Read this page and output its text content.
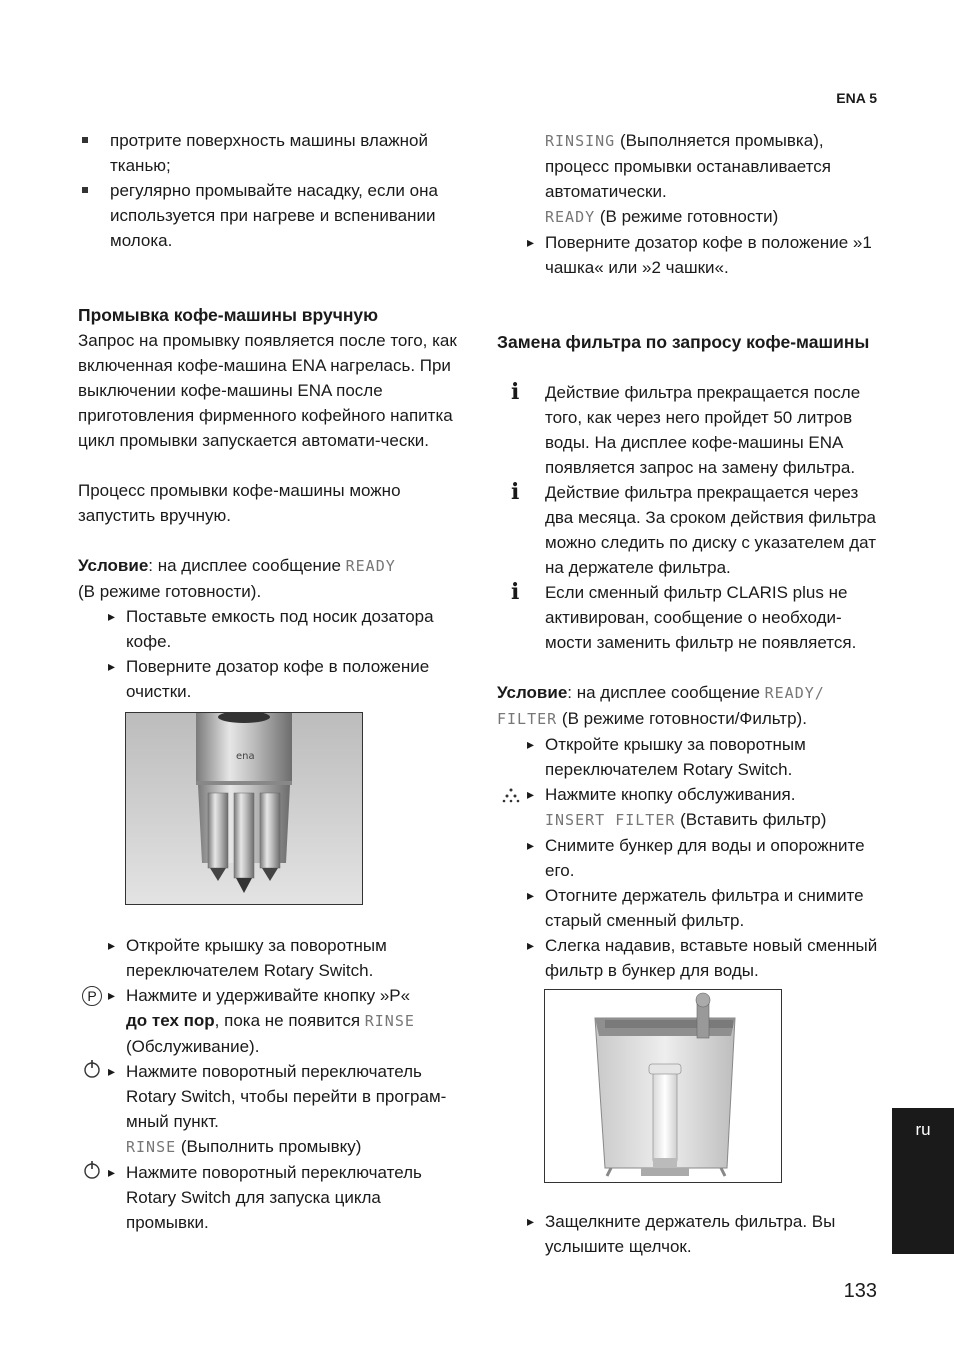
ENA 5

протрите поверхность машины влажной тканью;

регулярно промывайте насадку, если она используется при нагреве и вспенивании молока.

Промывка кофе-машины вручную

Запрос на промывку появляется после того, как включенная кофе-машина ENA нагрелась. При выключении кофе-машины ENA после приготовления фирменного кофейного напитка цикл промывки запускается автомати-чески.

Процесс промывки кофе-машины можно запустить вручную.

Условие: на дисплее сообщение READY

(В режиме готовности).

▸ Поставьте емкость под носик дозатора кофе.

▸ Поверните дозатор кофе в положение очистки.

ena

▸ Откройте крышку за поворотным переключателем Rotary Switch.

P

▸	Нажмите и удерживайте кнопку »P«

до тех пор, пока не появится RINSE

(Обслуживание).

▸ Нажмите поворотный переключатель Rotary Switch, чтобы перейти в програм-мный пункт.

RINSE (Выполнить промывку)

▸ Нажмите поворотный переключатель Rotary Switch для запуска цикла промывки.

RINSING (Выполняется промывка), процесс промывки останавливается автоматически.

READY (В режиме готовности)

▸ Поверните дозатор кофе в положение »1 чашка« или »2 чашки«.

Замена фильтра по запросу кофе-машины

i Действие фильтра прекращается после того, как через него пройдет 50 литров воды. На дисплее кофе-машины ENA появляется запрос на замену фильтра.

i Действие фильтра прекращается через два месяца. За сроком действия фильтра можно следить по диску с указателем дат на держателе фильтра.

i Если сменный фильтр CLARIS plus не активирован, сообщение о необходи-мости заменить фильтр не появляется.

Условие: на дисплее сообщение READY/

FILTER (В режиме готовности/Фильтр).

▸ Откройте крышку за поворотным переключателем Rotary Switch.

▸ Нажмите кнопку обслуживания.

INSERT FILTER (Вставить фильтр)

▸ Снимите бункер для воды и опорожните его.

▸ Отогните держатель фильтра и снимите старый сменный фильтр.

▸ Слегка надавив, вставьте новый сменный фильтр в бункер для воды.

▸ Защелкните держатель фильтра. Вы услышите щелчок.

ru
133
